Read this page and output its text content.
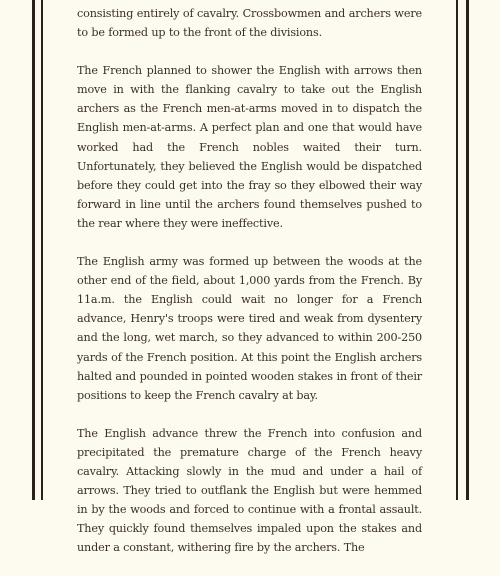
consisting entirely of cavalry. Crossbowmen and archers were to be formed up to the front of the divisions.

The French planned to shower the English with arrows then move in with the flanking cavalry to take out the English archers as the French men-at-arms moved in to dispatch the English men-at-arms. A perfect plan and one that would have worked had the French nobles waited their turn. Unfortunately, they believed the English would be dispatched before they could get into the fray so they elbowed their way forward in line until the archers found themselves pushed to the rear where they were ineffective.

The English army was formed up between the woods at the other end of the field, about 1,000 yards from the French. By 11a.m. the English could wait no longer for a French advance, Henry's troops were tired and weak from dysentery and the long, wet march, so they advanced to within 200-250 yards of the French position. At this point the English archers halted and pounded in pointed wooden stakes in front of their positions to keep the French cavalry at bay.

The English advance threw the French into confusion and precipitated the premature charge of the French heavy cavalry. Attacking slowly in the mud and under a hail of arrows. They tried to outflank the English but were hemmed in by the woods and forced to continue with a frontal assault. They quickly found themselves impaled upon the stakes and under a constant, withering fire by the archers. The
